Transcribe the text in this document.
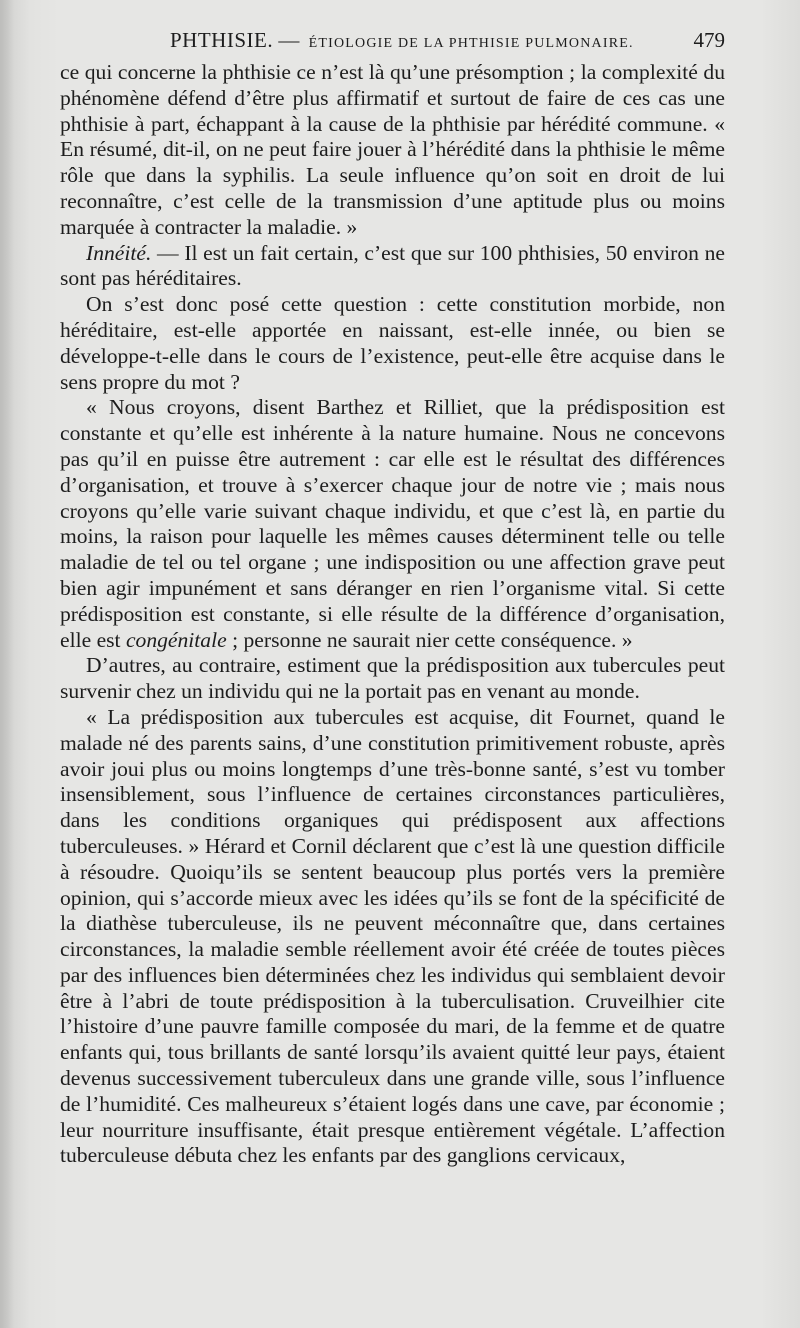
PHTHISIE. — ÉTIOLOGIE DE LA PHTHISIE PULMONAIRE.	479

ce qui concerne la phthisie ce n’est là qu’une présomption ; la complexité du phénomène défend d’être plus affirmatif et surtout de faire de ces cas une phthisie à part, échappant à la cause de la phthisie par hérédité commune. « En résumé, dit-il, on ne peut faire jouer à l’hérédité dans la phthisie le même rôle que dans la syphilis. La seule influence qu’on soit en droit de lui reconnaître, c’est celle de la transmission d’une aptitude plus ou moins marquée à contracter la maladie. »

Innéité. — Il est un fait certain, c’est que sur 100 phthisies, 50 environ ne sont pas héréditaires.

On s’est donc posé cette question : cette constitution morbide, non héréditaire, est-elle apportée en naissant, est-elle innée, ou bien se développe-t-elle dans le cours de l’existence, peut-elle être acquise dans le sens propre du mot ?

« Nous croyons, disent Barthez et Rilliet, que la prédisposition est constante et qu’elle est inhérente à la nature humaine. Nous ne concevons pas qu’il en puisse être autrement : car elle est le résultat des différences d’organisation, et trouve à s’exercer chaque jour de notre vie ; mais nous croyons qu’elle varie suivant chaque individu, et que c’est là, en partie du moins, la raison pour laquelle les mêmes causes déterminent telle ou telle maladie de tel ou tel organe ; une indisposition ou une affection grave peut bien agir impunément et sans déranger en rien l’organisme vital. Si cette prédisposition est constante, si elle résulte de la différence d’organisation, elle est congénitale ; personne ne saurait nier cette conséquence. »

D’autres, au contraire, estiment que la prédisposition aux tubercules peut survenir chez un individu qui ne la portait pas en venant au monde.

« La prédisposition aux tubercules est acquise, dit Fournet, quand le malade né des parents sains, d’une constitution primitivement robuste, après avoir joui plus ou moins longtemps d’une très-bonne santé, s’est vu tomber insensiblement, sous l’influence de certaines circonstances particulières, dans les conditions organiques qui prédisposent aux affections tuberculeuses. » Hérard et Cornil déclarent que c’est là une question difficile à résoudre. Quoiqu’ils se sentent beaucoup plus portés vers la première opinion, qui s’accorde mieux avec les idées qu’ils se font de la spécificité de la diathèse tuberculeuse, ils ne peuvent méconnaître que, dans certaines circonstances, la maladie semble réellement avoir été créée de toutes pièces par des influences bien déterminées chez les individus qui semblaient devoir être à l’abri de toute prédisposition à la tuberculisation. Cruveilhier cite l’histoire d’une pauvre famille composée du mari, de la femme et de quatre enfants qui, tous brillants de santé lorsqu’ils avaient quitté leur pays, étaient devenus successivement tuberculeux dans une grande ville, sous l’influence de l’humidité. Ces malheureux s’étaient logés dans une cave, par économie ; leur nourriture insuffisante, était presque entièrement végétale. L’affection tuberculeuse débuta chez les enfants par des ganglions cervicaux,
